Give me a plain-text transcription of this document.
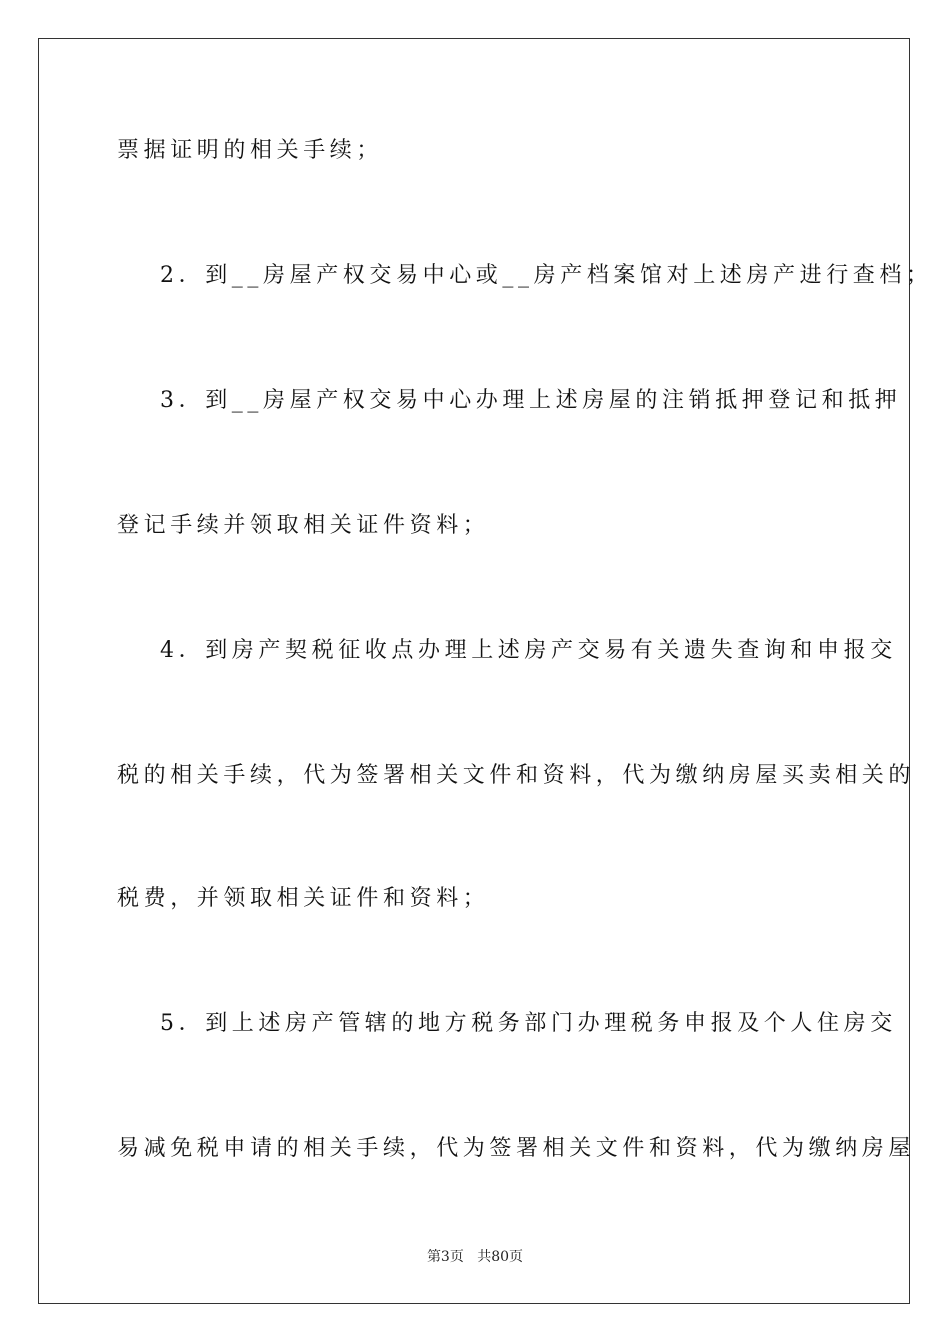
票据证明的相关手续；
2．到__房屋产权交易中心或__房产档案馆对上述房产进行查档；
3．到__房屋产权交易中心办理上述房屋的注销抵押登记和抵押
登记手续并领取相关证件资料；
4．到房产契税征收点办理上述房产交易有关遗失查询和申报交
税的相关手续，代为签署相关文件和资料，代为缴纳房屋买卖相关的
税费，并领取相关证件和资料；
5．到上述房产管辖的地方税务部门办理税务申报及个人住房交
易减免税申请的相关手续，代为签署相关文件和资料，代为缴纳房屋
第3页 共80页
